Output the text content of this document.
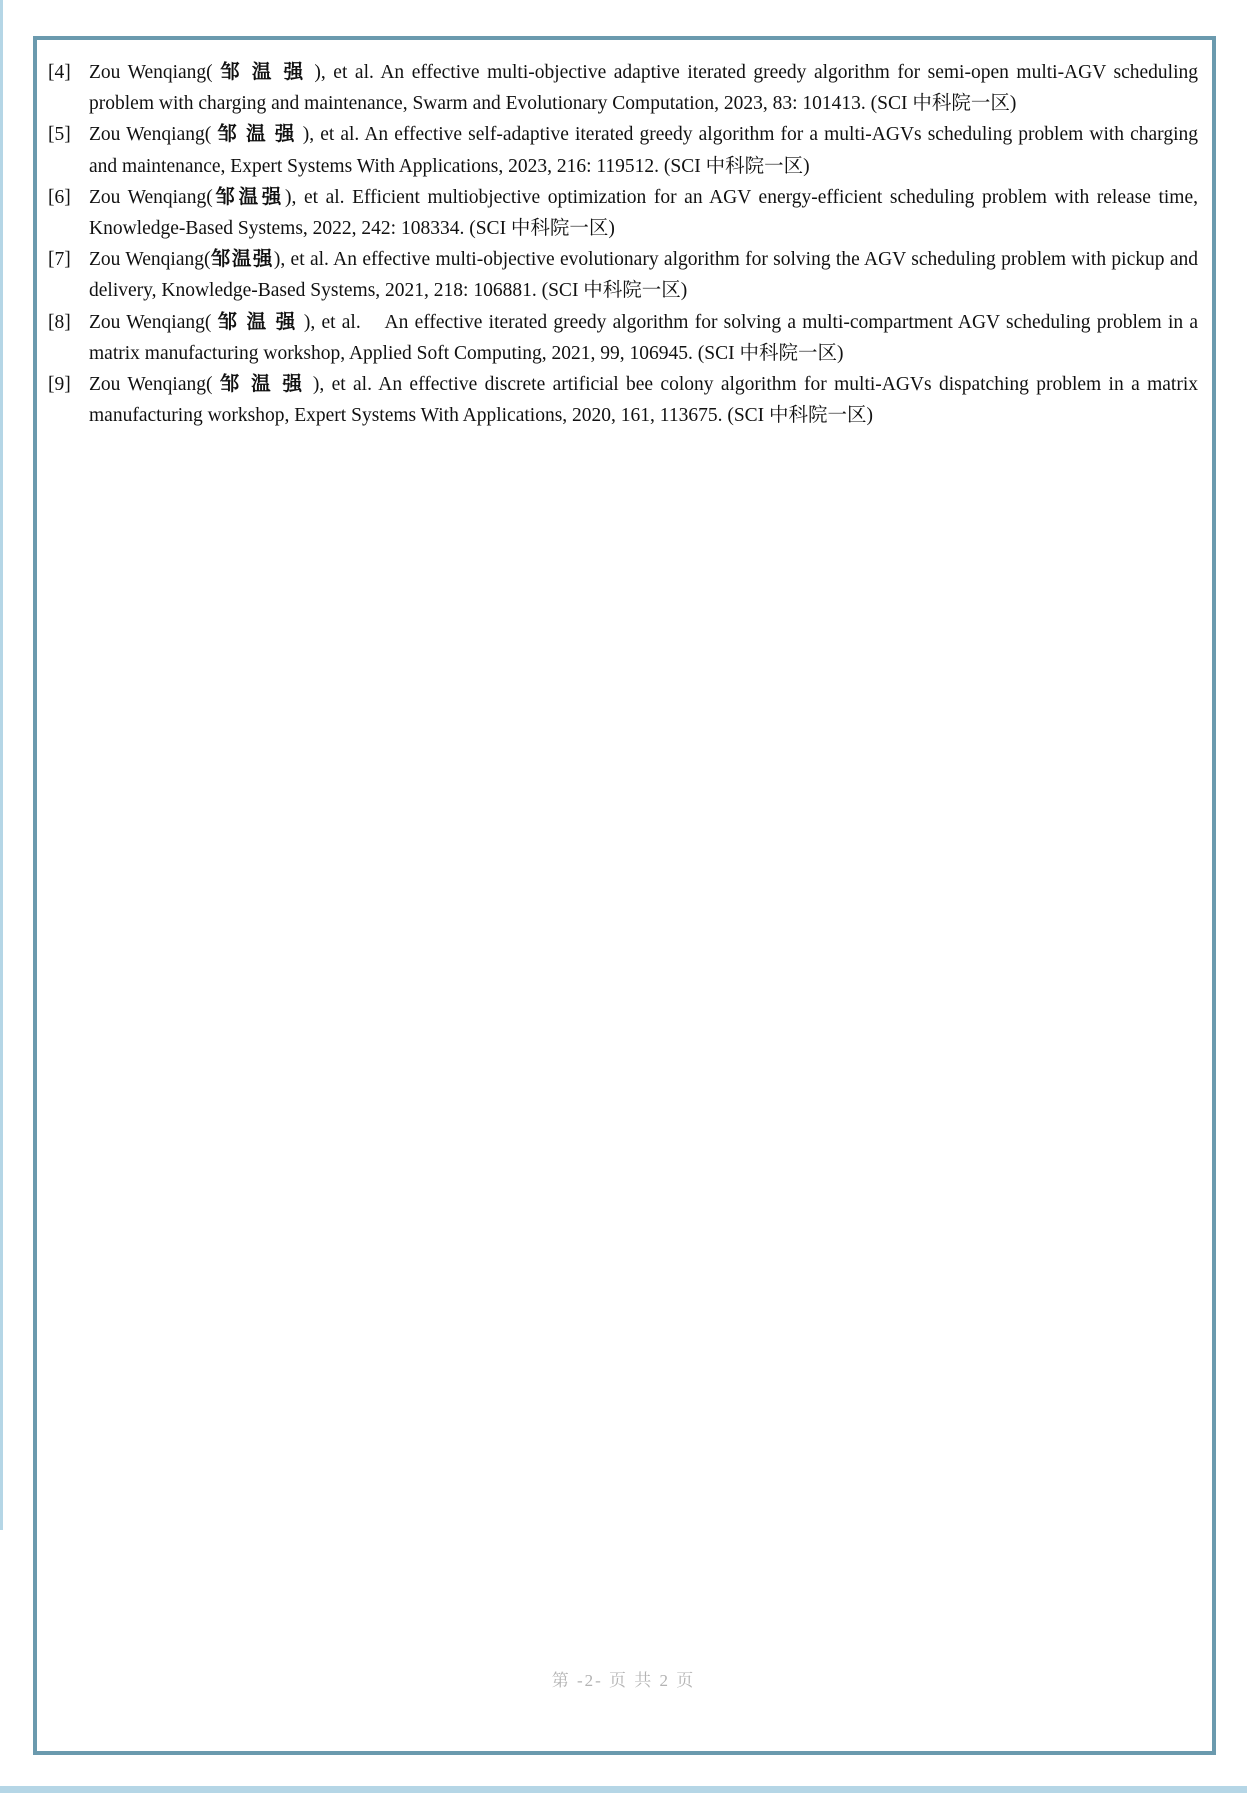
[4] Zou Wenqiang( 邹 温 强 ), et al. An effective multi-objective adaptive iterated greedy algorithm for semi-open multi-AGV scheduling problem with charging and maintenance, Swarm and Evolutionary Computation, 2023, 83: 101413. (SCI 中科院一区)
[5] Zou Wenqiang( 邹 温 强 ), et al. An effective self-adaptive iterated greedy algorithm for a multi-AGVs scheduling problem with charging and maintenance, Expert Systems With Applications, 2023, 216: 119512. (SCI 中科院一区)
[6] Zou Wenqiang(邹温强), et al. Efficient multiobjective optimization for an AGV energy-efficient scheduling problem with release time, Knowledge-Based Systems, 2022, 242: 108334. (SCI 中科院一区)
[7] Zou Wenqiang(邹温强), et al. An effective multi-objective evolutionary algorithm for solving the AGV scheduling problem with pickup and delivery, Knowledge-Based Systems, 2021, 218: 106881. (SCI 中科院一区)
[8] Zou Wenqiang( 邹 温 强 ), et al.    An effective iterated greedy algorithm for solving a multi-compartment AGV scheduling problem in a matrix manufacturing workshop, Applied Soft Computing, 2021, 99, 106945. (SCI 中科院一区)
[9] Zou Wenqiang( 邹 温 强 ), et al. An effective discrete artificial bee colony algorithm for multi-AGVs dispatching problem in a matrix manufacturing workshop, Expert Systems With Applications, 2020, 161, 113675. (SCI 中科院一区)
第 -2- 页 共 2 页
